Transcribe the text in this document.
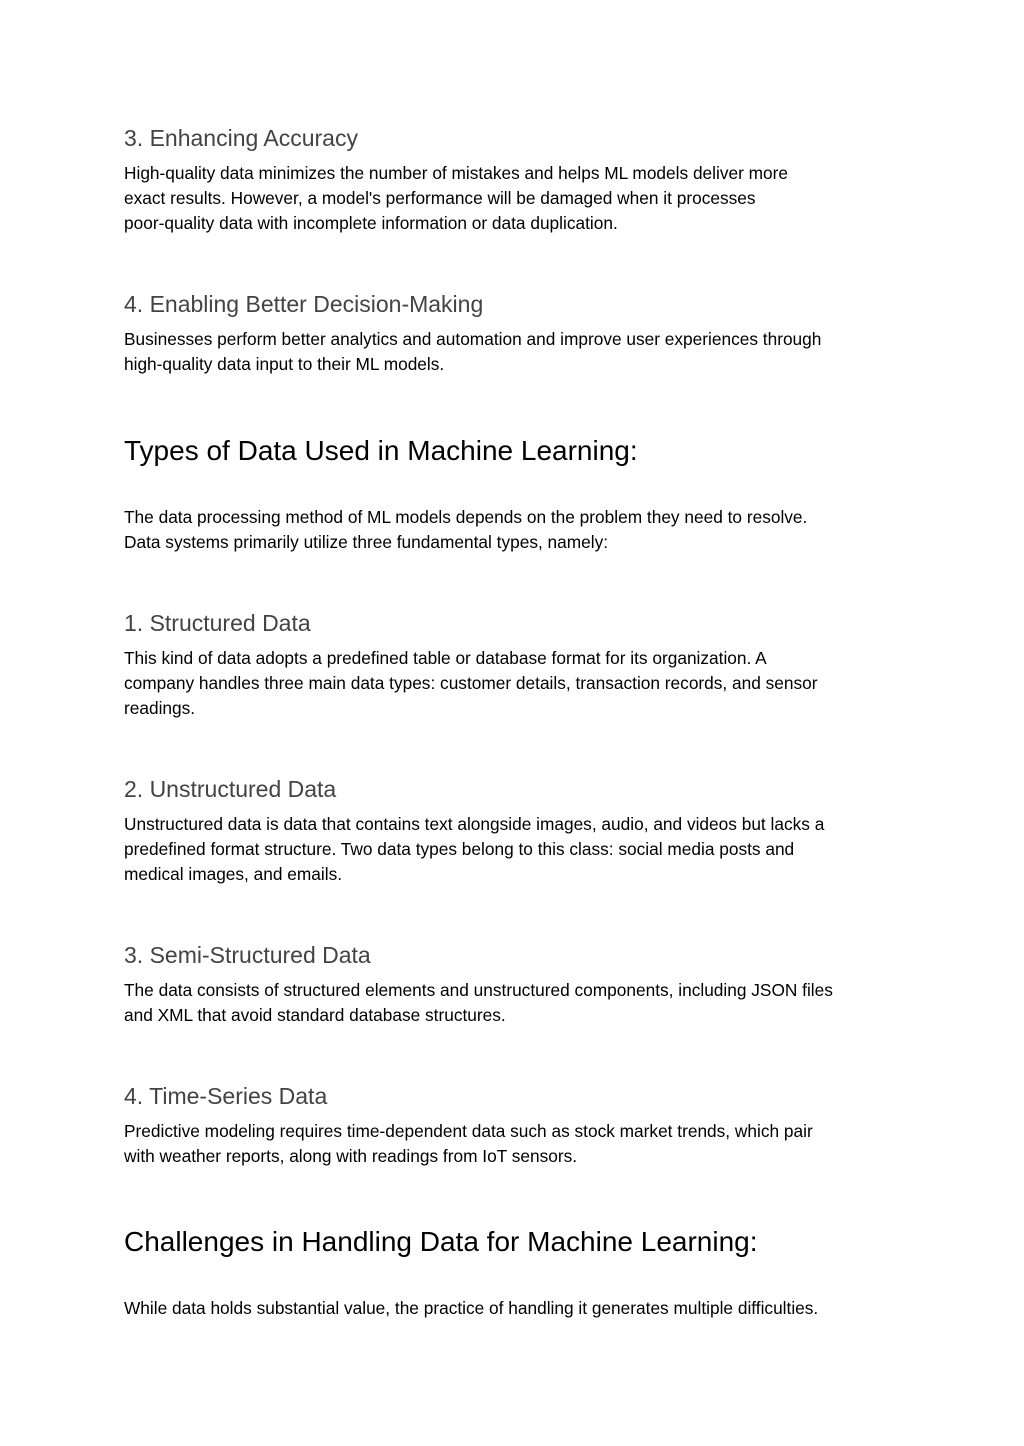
3. Enhancing Accuracy

High-quality data minimizes the number of mistakes and helps ML models deliver more
exact results. However, a model's performance will be damaged when it processes
poor-quality data with incomplete information or data duplication.

4. Enabling Better Decision-Making

Businesses perform better analytics and automation and improve user experiences through
high-quality data input to their ML models.

Types of Data Used in Machine Learning:

The data processing method of ML models depends on the problem they need to resolve.
Data systems primarily utilize three fundamental types, namely:

1. Structured Data

This kind of data adopts a predefined table or database format for its organization. A
company handles three main data types: customer details, transaction records, and sensor
readings.

2. Unstructured Data

Unstructured data is data that contains text alongside images, audio, and videos but lacks a
predefined format structure. Two data types belong to this class: social media posts and
medical images, and emails.

3. Semi-Structured Data

The data consists of structured elements and unstructured components, including JSON files
and XML that avoid standard database structures.

4. Time-Series Data

Predictive modeling requires time-dependent data such as stock market trends, which pair
with weather reports, along with readings from IoT sensors.

Challenges in Handling Data for Machine Learning:

While data holds substantial value, the practice of handling it generates multiple difficulties.
